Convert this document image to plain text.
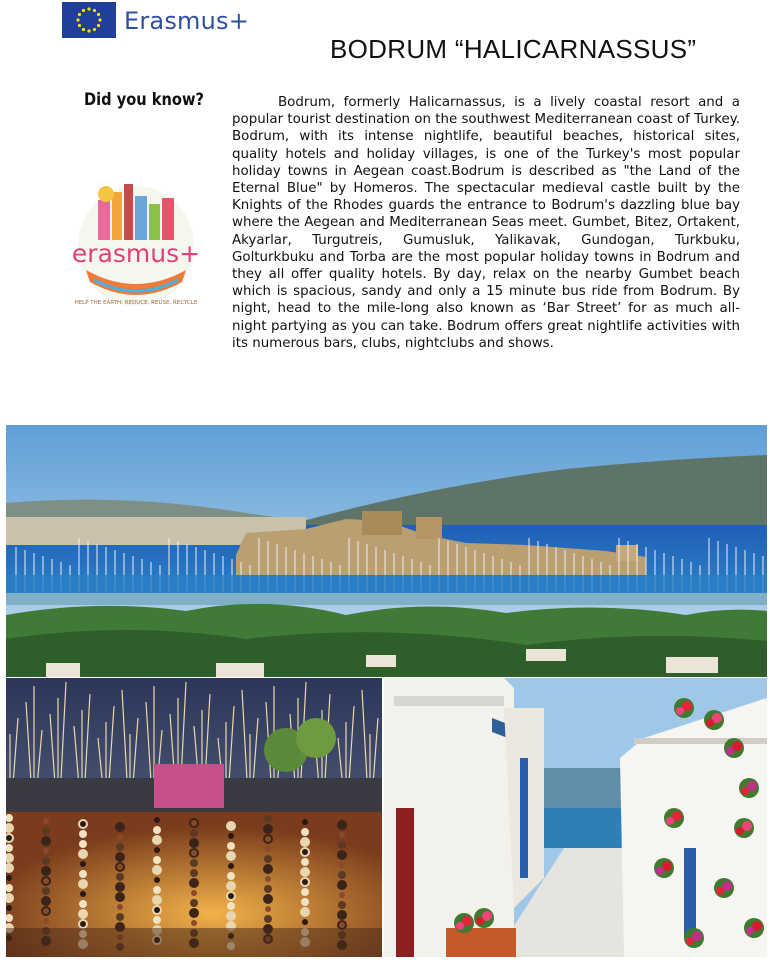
Erasmus+
BODRUM “HALICARNASSUS”
Did you know?
erasmus+
HELP THE EARTH: REDUCE, REUSE, RECYCLE

Bodrum, formerly Halicarnassus, is a lively coastal resort and a popular tourist destination on the southwest Mediterranean coast of Turkey. Bodrum, with its intense nightlife, beautiful beaches, historical sites, quality hotels and holiday villages, is one of the Turkey's most popular holiday towns in Aegean coast.Bodrum is described as "the Land of the Eternal Blue" by Homeros. The spectacular medieval castle built by the Knights of the Rhodes guards the entrance to Bodrum's dazzling blue bay where the Aegean and Mediterranean Seas meet. Gumbet, Bitez, Ortakent, Akyarlar, Turgutreis, Gumusluk, Yalikavak, Gundogan, Turkbuku, Golturkbuku and Torba are the most popular holiday towns in Bodrum and they all offer quality hotels. By day, relax on the nearby Gumbet beach which is spacious, sandy and only a 15 minute bus ride from Bodrum. By night, head to the mile-long also known as ‘Bar Street’ for as much all-night partying as you can take. Bodrum offers great nightlife activities with its numerous bars, clubs, nightclubs and shows.
